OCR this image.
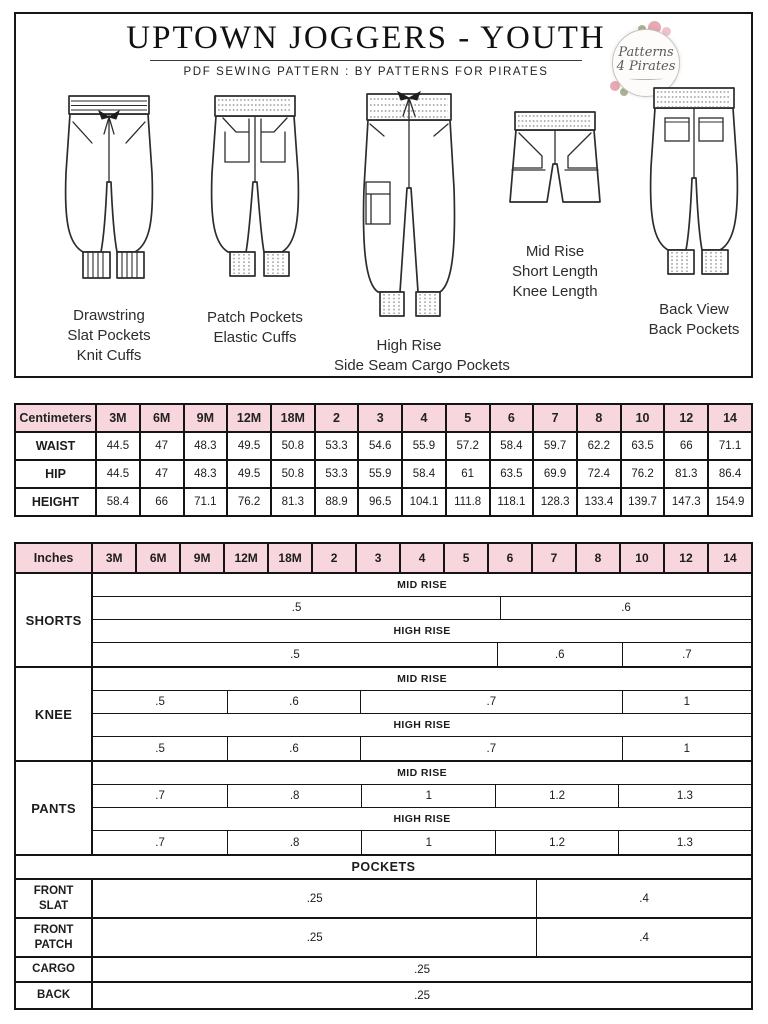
UPTOWN JOGGERS - YOUTH
PDF SEWING PATTERN : BY PATTERNS FOR PIRATES
Patterns
4 Pirates
Drawstring
Slat Pockets
Knit Cuffs
Patch Pockets
Elastic Cuffs	High Rise
Side Seam Cargo Pockets
Mid Rise
Short Length
Knee Length
Back View
Back Pockets
Centimeters	3M	6M	9M	12M	18M	2	3	4	5	6	7	8	10	12	14
WAIST	44.5	47	48.3	49.5	50.8	53.3	54.6	55.9	57.2	58.4	59.7	62.2	63.5	66	71.1
HIP	44.5	47	48.3	49.5	50.8	53.3	55.9	58.4	61	63.5	69.9	72.4	76.2	81.3	86.4
HEIGHT	58.4	66	71.1	76.2	81.3	88.9	96.5	104.1	111.8	118.1	128.3	133.4	139.7	147.3	154.9
Inches	3M	6M	9M	12M	18M	2	3	4	5	6	7	8	10	12	14
SHORTS
MID RISE
.5	.6
HIGH RISE
.5	.6	.7
KNEE
MID RISE
.5	.6	.7	1
HIGH RISE
.5	.6	.7	1
PANTS
MID RISE
.7	.8	1	1.2	1.3
HIGH RISE
.7	.8	1	1.2	1.3
POCKETS
FRONT SLAT
.25	.4
FRONT PATCH
.25	.4
CARGO	.25
BACK	.25
